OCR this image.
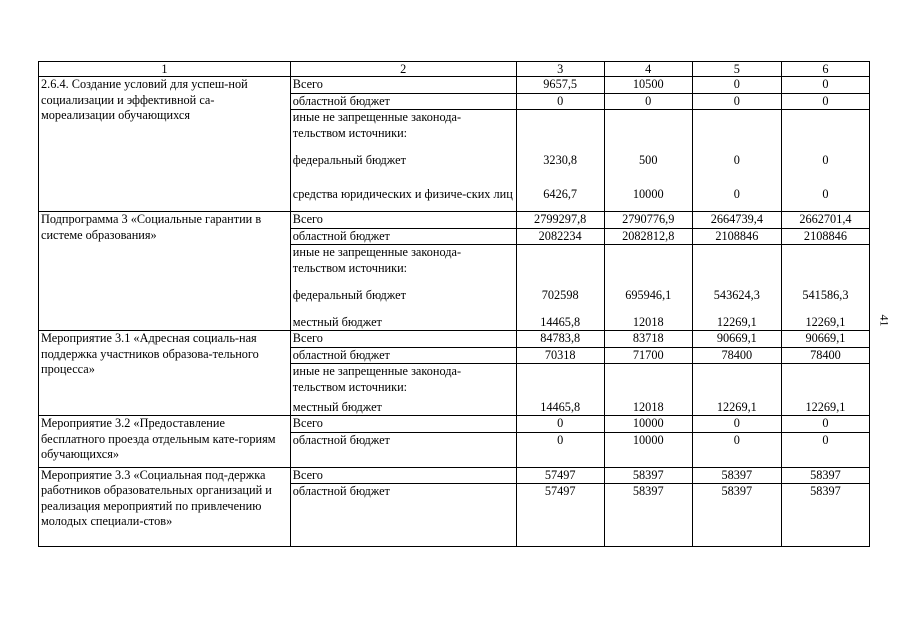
1	2	3	4	5	6
2.6.4. Создание условий для успеш-ной социализации и эффективной са-мореализации обучающихся	Всего	9657,5	10500	0	0
	областной бюджет	0	0	0	0
	иные не запрещенные законода-тельством источники:				
	федеральный бюджет	3230,8	500	0	0
	средства юридических и физиче-ских лиц	6426,7	10000	0	0
Подпрограмма 3 «Социальные гарантии в системе образования»	Всего	2799297,8	2790776,9	2664739,4	2662701,4
	областной бюджет	2082234	2082812,8	2108846	2108846
	иные не запрещенные законода-тельством источники:				
	федеральный бюджет	702598	695946,1	543624,3	541586,3
	местный бюджет	14465,8	12018	12269,1	12269,1
Мероприятие 3.1 «Адресная социаль-ная поддержка участников образова-тельного процесса»	Всего	84783,8	83718	90669,1	90669,1
	областной бюджет	70318	71700	78400	78400
	иные не запрещенные законода-тельством источники:				
	местный бюджет	14465,8	12018	12269,1	12269,1
Мероприятие 3.2 «Предоставление бесплатного проезда отдельным кате-гориям обучающихся»	Всего	0	10000	0	0
	областной бюджет	0	10000	0	0
Мероприятие 3.3 «Социальная под-держка работников образовательных организаций и реализация мероприятий по привлечению молодых специали-стов»	Всего	57497	58397	58397	58397
	областной бюджет	57497	58397	58397	58397
41
